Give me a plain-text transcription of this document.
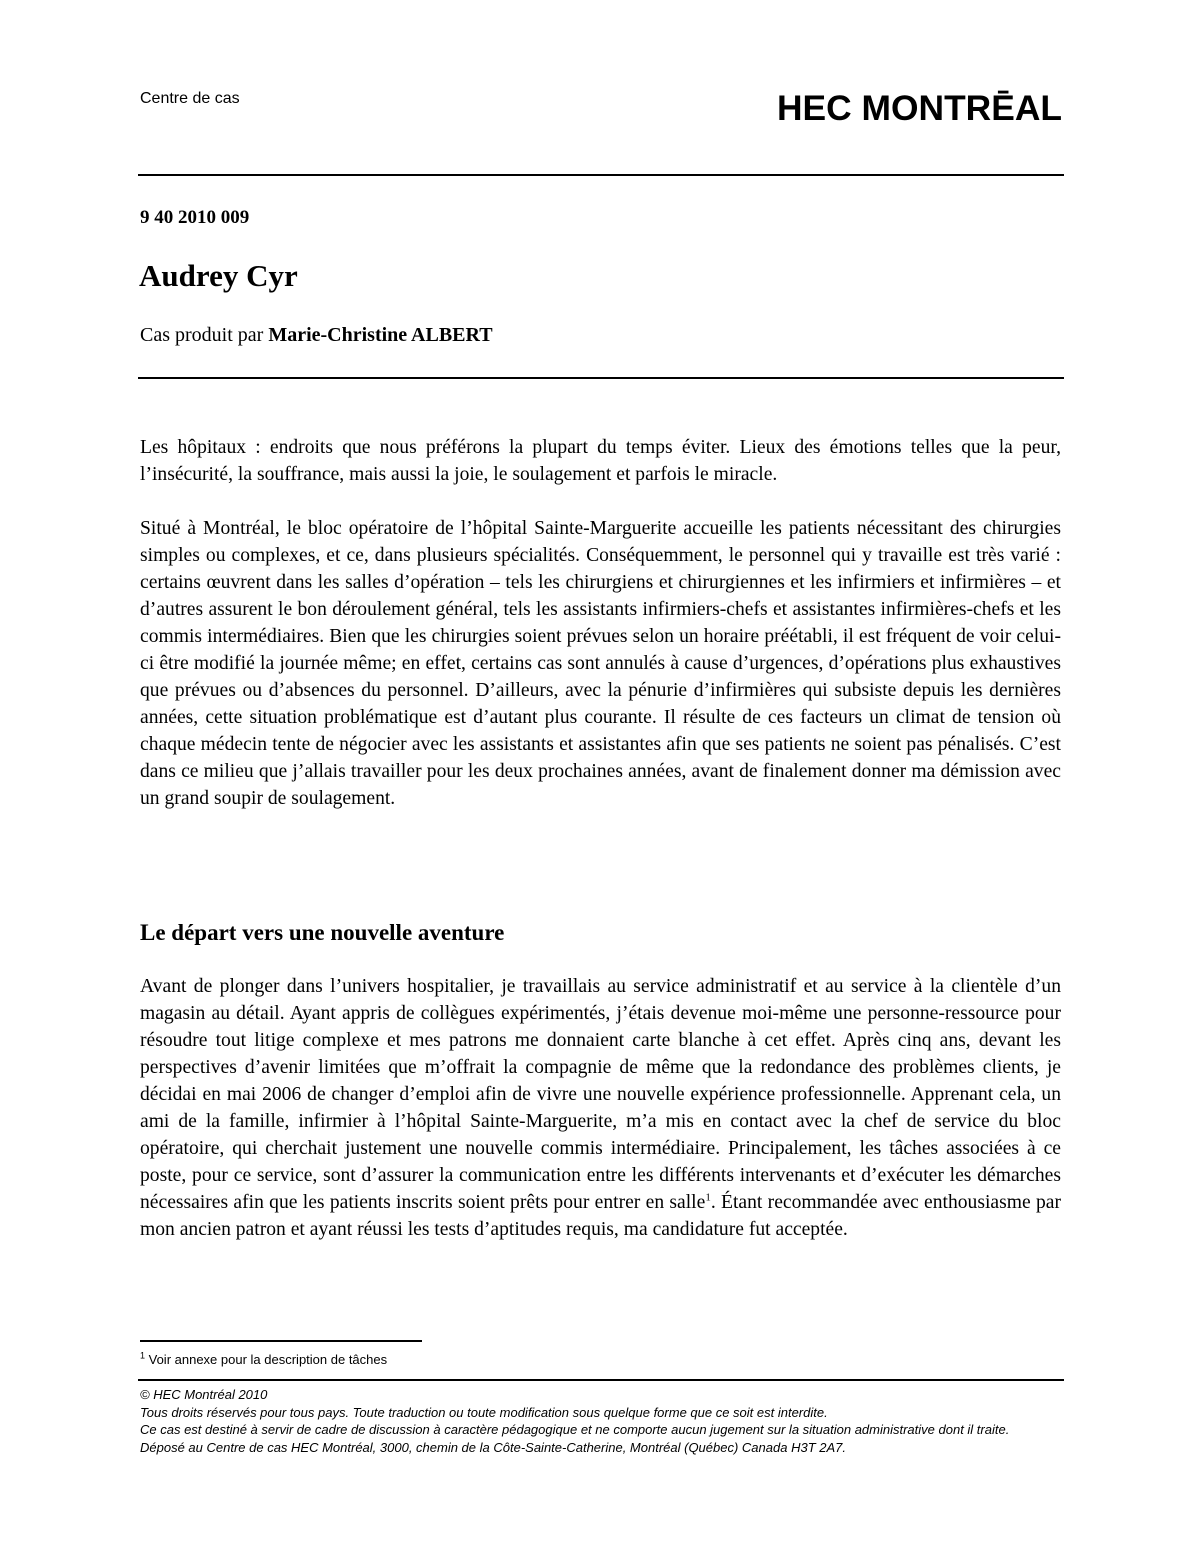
Centre de cas	HEC MONTRĒAL
9 40 2010 009
Audrey Cyr
Cas produit par Marie-Christine ALBERT

Les hôpitaux : endroits que nous préférons la plupart du temps éviter. Lieux des émotions telles que la peur, l’insécurité, la souffrance, mais aussi la joie, le soulagement et parfois le miracle.

Situé à Montréal, le bloc opératoire de l’hôpital Sainte-Marguerite accueille les patients nécessitant des chirurgies simples ou complexes, et ce, dans plusieurs spécialités. Conséquemment, le personnel qui y travaille est très varié : certains œuvrent dans les salles d’opération – tels les chirurgiens et chirurgiennes et les infirmiers et infirmières – et d’autres assurent le bon déroulement général, tels les assistants infirmiers-chefs et assistantes infirmières-chefs et les commis intermédiaires. Bien que les chirurgies soient prévues selon un horaire préétabli, il est fréquent de voir celui-ci être modifié la journée même; en effet, certains cas sont annulés à cause d’urgences, d’opérations plus exhaustives que prévues ou d’absences du personnel. D’ailleurs, avec la pénurie d’infirmières qui subsiste depuis les dernières années, cette situation problématique est d’autant plus courante. Il résulte de ces facteurs un climat de tension où chaque médecin tente de négocier avec les assistants et assistantes afin que ses patients ne soient pas pénalisés. C’est dans ce milieu que j’allais travailler pour les deux prochaines années, avant de finalement donner ma démission avec un grand soupir de soulagement.

Le départ vers une nouvelle aventure

Avant de plonger dans l’univers hospitalier, je travaillais au service administratif et au service à la clientèle d’un magasin au détail. Ayant appris de collègues expérimentés, j’étais devenue moi-même une personne-ressource pour résoudre tout litige complexe et mes patrons me donnaient carte blanche à cet effet. Après cinq ans, devant les perspectives d’avenir limitées que m’offrait la compagnie de même que la redondance des problèmes clients, je décidai en mai 2006 de changer d’emploi afin de vivre une nouvelle expérience professionnelle. Apprenant cela, un ami de la famille, infirmier à l’hôpital Sainte-Marguerite, m’a mis en contact avec la chef de service du bloc opératoire, qui cherchait justement une nouvelle commis intermédiaire. Principalement, les tâches associées à ce poste, pour ce service, sont d’assurer la communication entre les différents intervenants et d’exécuter les démarches nécessaires afin que les patients inscrits soient prêts pour entrer en salle$^1$. Étant recommandée avec enthousiasme par mon ancien patron et ayant réussi les tests d’aptitudes requis, ma candidature fut acceptée.

$^1$ Voir annexe pour la description de tâches
© HEC Montréal 2010
Tous droits réservés pour tous pays. Toute traduction ou toute modification sous quelque forme que ce soit est interdite.
Ce cas est destiné à servir de cadre de discussion à caractère pédagogique et ne comporte aucun jugement sur la situation administrative dont il traite.
Déposé au Centre de cas HEC Montréal, 3000, chemin de la Côte-Sainte-Catherine, Montréal (Québec) Canada H3T 2A7.
